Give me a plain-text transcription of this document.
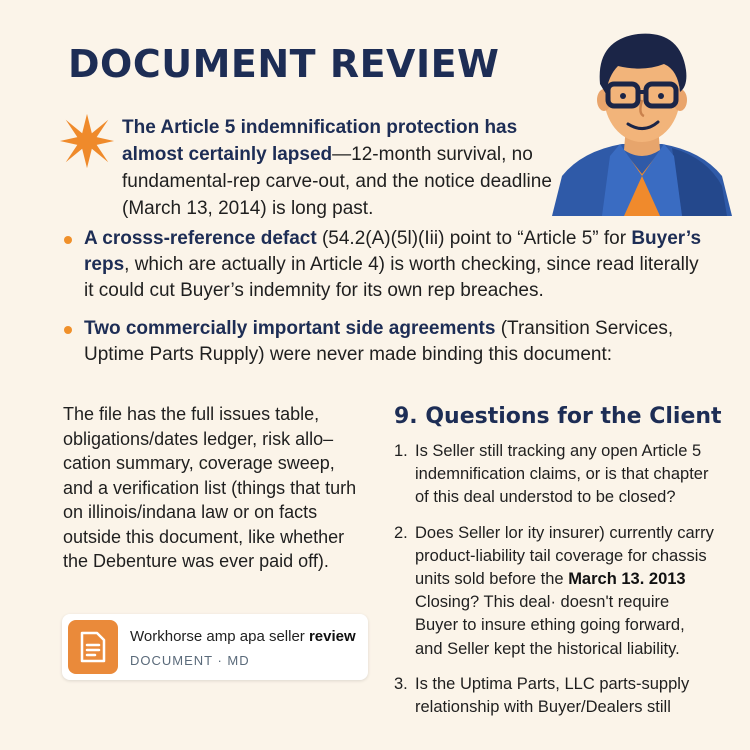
DOCUMENT REVIEW

The Article 5 indemnification protection has almost certainly lapsed—12-month survival, no fundamental-rep carve-out, and the notice deadline (March 13, 2014) is long past.

A crosss-reference defact (54.2(A)(5l)(Iii) point to “Article 5” for Buyer’s reps, which are actually in Article 4) is worth checking, since read literally it could cut Buyer’s indemnity for its own rep breaches.
Two commercially important side agreements (Transition Services, Uptime Parts Rupply) were never made binding this document:

The file has the full issues table, obligations/dates ledger, risk allo–cation summary, coverage sweep, and a verification list (things that turh on illinois/indana law or on facts outside this document, like whether the Debenture was ever paid off).

Workhorse amp apa seller review
DOCUMENT · MD
9. Questions for the Client
1. Is Seller still tracking any open Article 5 indemnification claims, or is that chapter of this deal understod to be closed?
2. Does Seller lor ity insurer) currently carry product-liability tail coverage for chassis units sold before the March 13. 2013 Closing? This deal· doesn't require Buyer to insure ething going forward, and Seller kept the historical liability.
3. Is the Uptima Parts, LLC parts-supply relationship with Buyer/Dealers still
